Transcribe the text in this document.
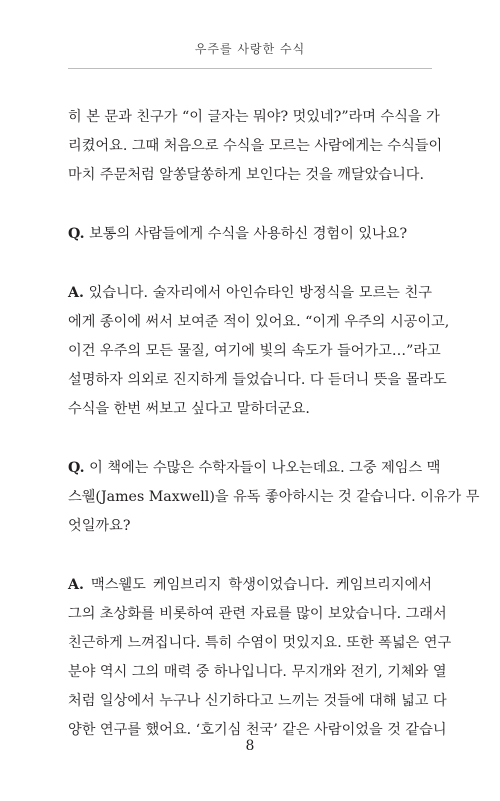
우주를 사랑한 수식

히 본 문과 친구가 “이 글자는 뭐야? 멋있네?”라며 수식을 가
리켰어요. 그때 처음으로 수식을 모르는 사람에게는 수식들이
마치 주문처럼 알쏭달쏭하게 보인다는 것을 깨달았습니다.

Q. 보통의 사람들에게 수식을 사용하신 경험이 있나요?

A. 있습니다. 술자리에서 아인슈타인 방정식을 모르는 친구
에게 종이에 써서 보여준 적이 있어요. “이게 우주의 시공이고,
이건 우주의 모든 물질, 여기에 빛의 속도가 들어가고…”라고
설명하자 의외로 진지하게 들었습니다. 다 듣더니 뜻을 몰라도
수식을 한번 써보고 싶다고 말하더군요.

Q. 이 책에는 수많은 수학자들이 나오는데요. 그중 제임스 맥
스웰(James Maxwell)을 유독 좋아하시는 것 같습니다. 이유가 무
엇일까요?

A. 맥스웰도 케임브리지 학생이었습니다. 케임브리지에서
그의 초상화를 비롯하여 관련 자료를 많이 보았습니다. 그래서
친근하게 느껴집니다. 특히 수염이 멋있지요. 또한 폭넓은 연구
분야 역시 그의 매력 중 하나입니다. 무지개와 전기, 기체와 열
처럼 일상에서 누구나 신기하다고 느끼는 것들에 대해 넓고 다
양한 연구를 했어요. ‘호기심 천국’ 같은 사람이었을 것 같습니

8
